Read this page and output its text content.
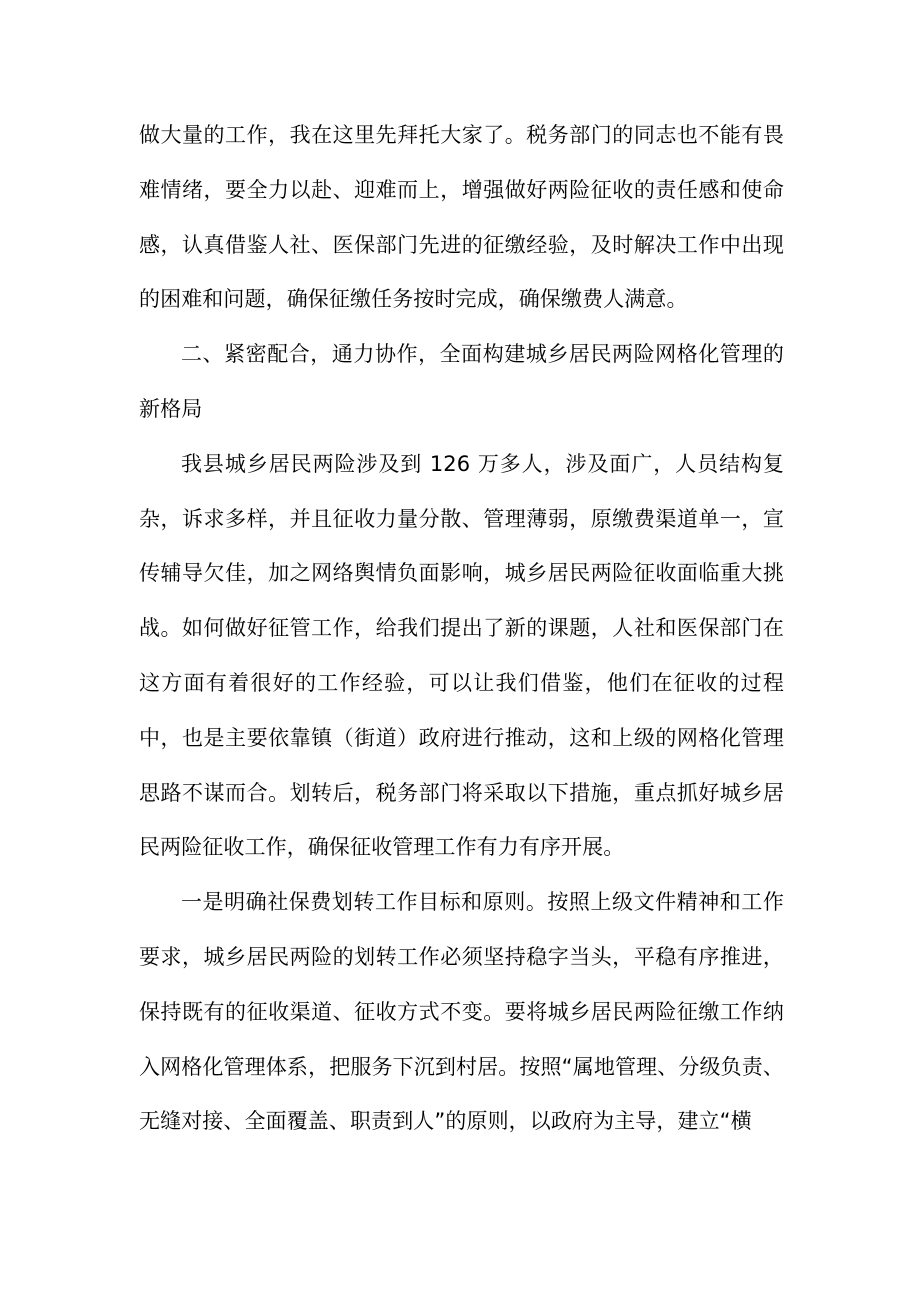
做大量的工作，我在这里先拜托大家了。税务部门的同志也不能有畏难情绪，要全力以赴、迎难而上，增强做好两险征收的责任感和使命感，认真借鉴人社、医保部门先进的征缴经验，及时解决工作中出现的困难和问题，确保征缴任务按时完成，确保缴费人满意。

二、紧密配合，通力协作，全面构建城乡居民两险网格化管理的新格局

我县城乡居民两险涉及到 126 万多人，涉及面广，人员结构复杂，诉求多样，并且征收力量分散、管理薄弱，原缴费渠道单一，宣传辅导欠佳，加之网络舆情负面影响，城乡居民两险征收面临重大挑战。如何做好征管工作，给我们提出了新的课题，人社和医保部门在这方面有着很好的工作经验，可以让我们借鉴，他们在征收的过程中，也是主要依靠镇（街道）政府进行推动，这和上级的网格化管理思路不谋而合。划转后，税务部门将采取以下措施，重点抓好城乡居民两险征收工作，确保征收管理工作有力有序开展。

一是明确社保费划转工作目标和原则。按照上级文件精神和工作要求，城乡居民两险的划转工作必须坚持稳字当头，平稳有序推进，保持既有的征收渠道、征收方式不变。要将城乡居民两险征缴工作纳入网格化管理体系，把服务下沉到村居。按照“属地管理、分级负责、无缝对接、全面覆盖、职责到人”的原则，以政府为主导，建立“横
